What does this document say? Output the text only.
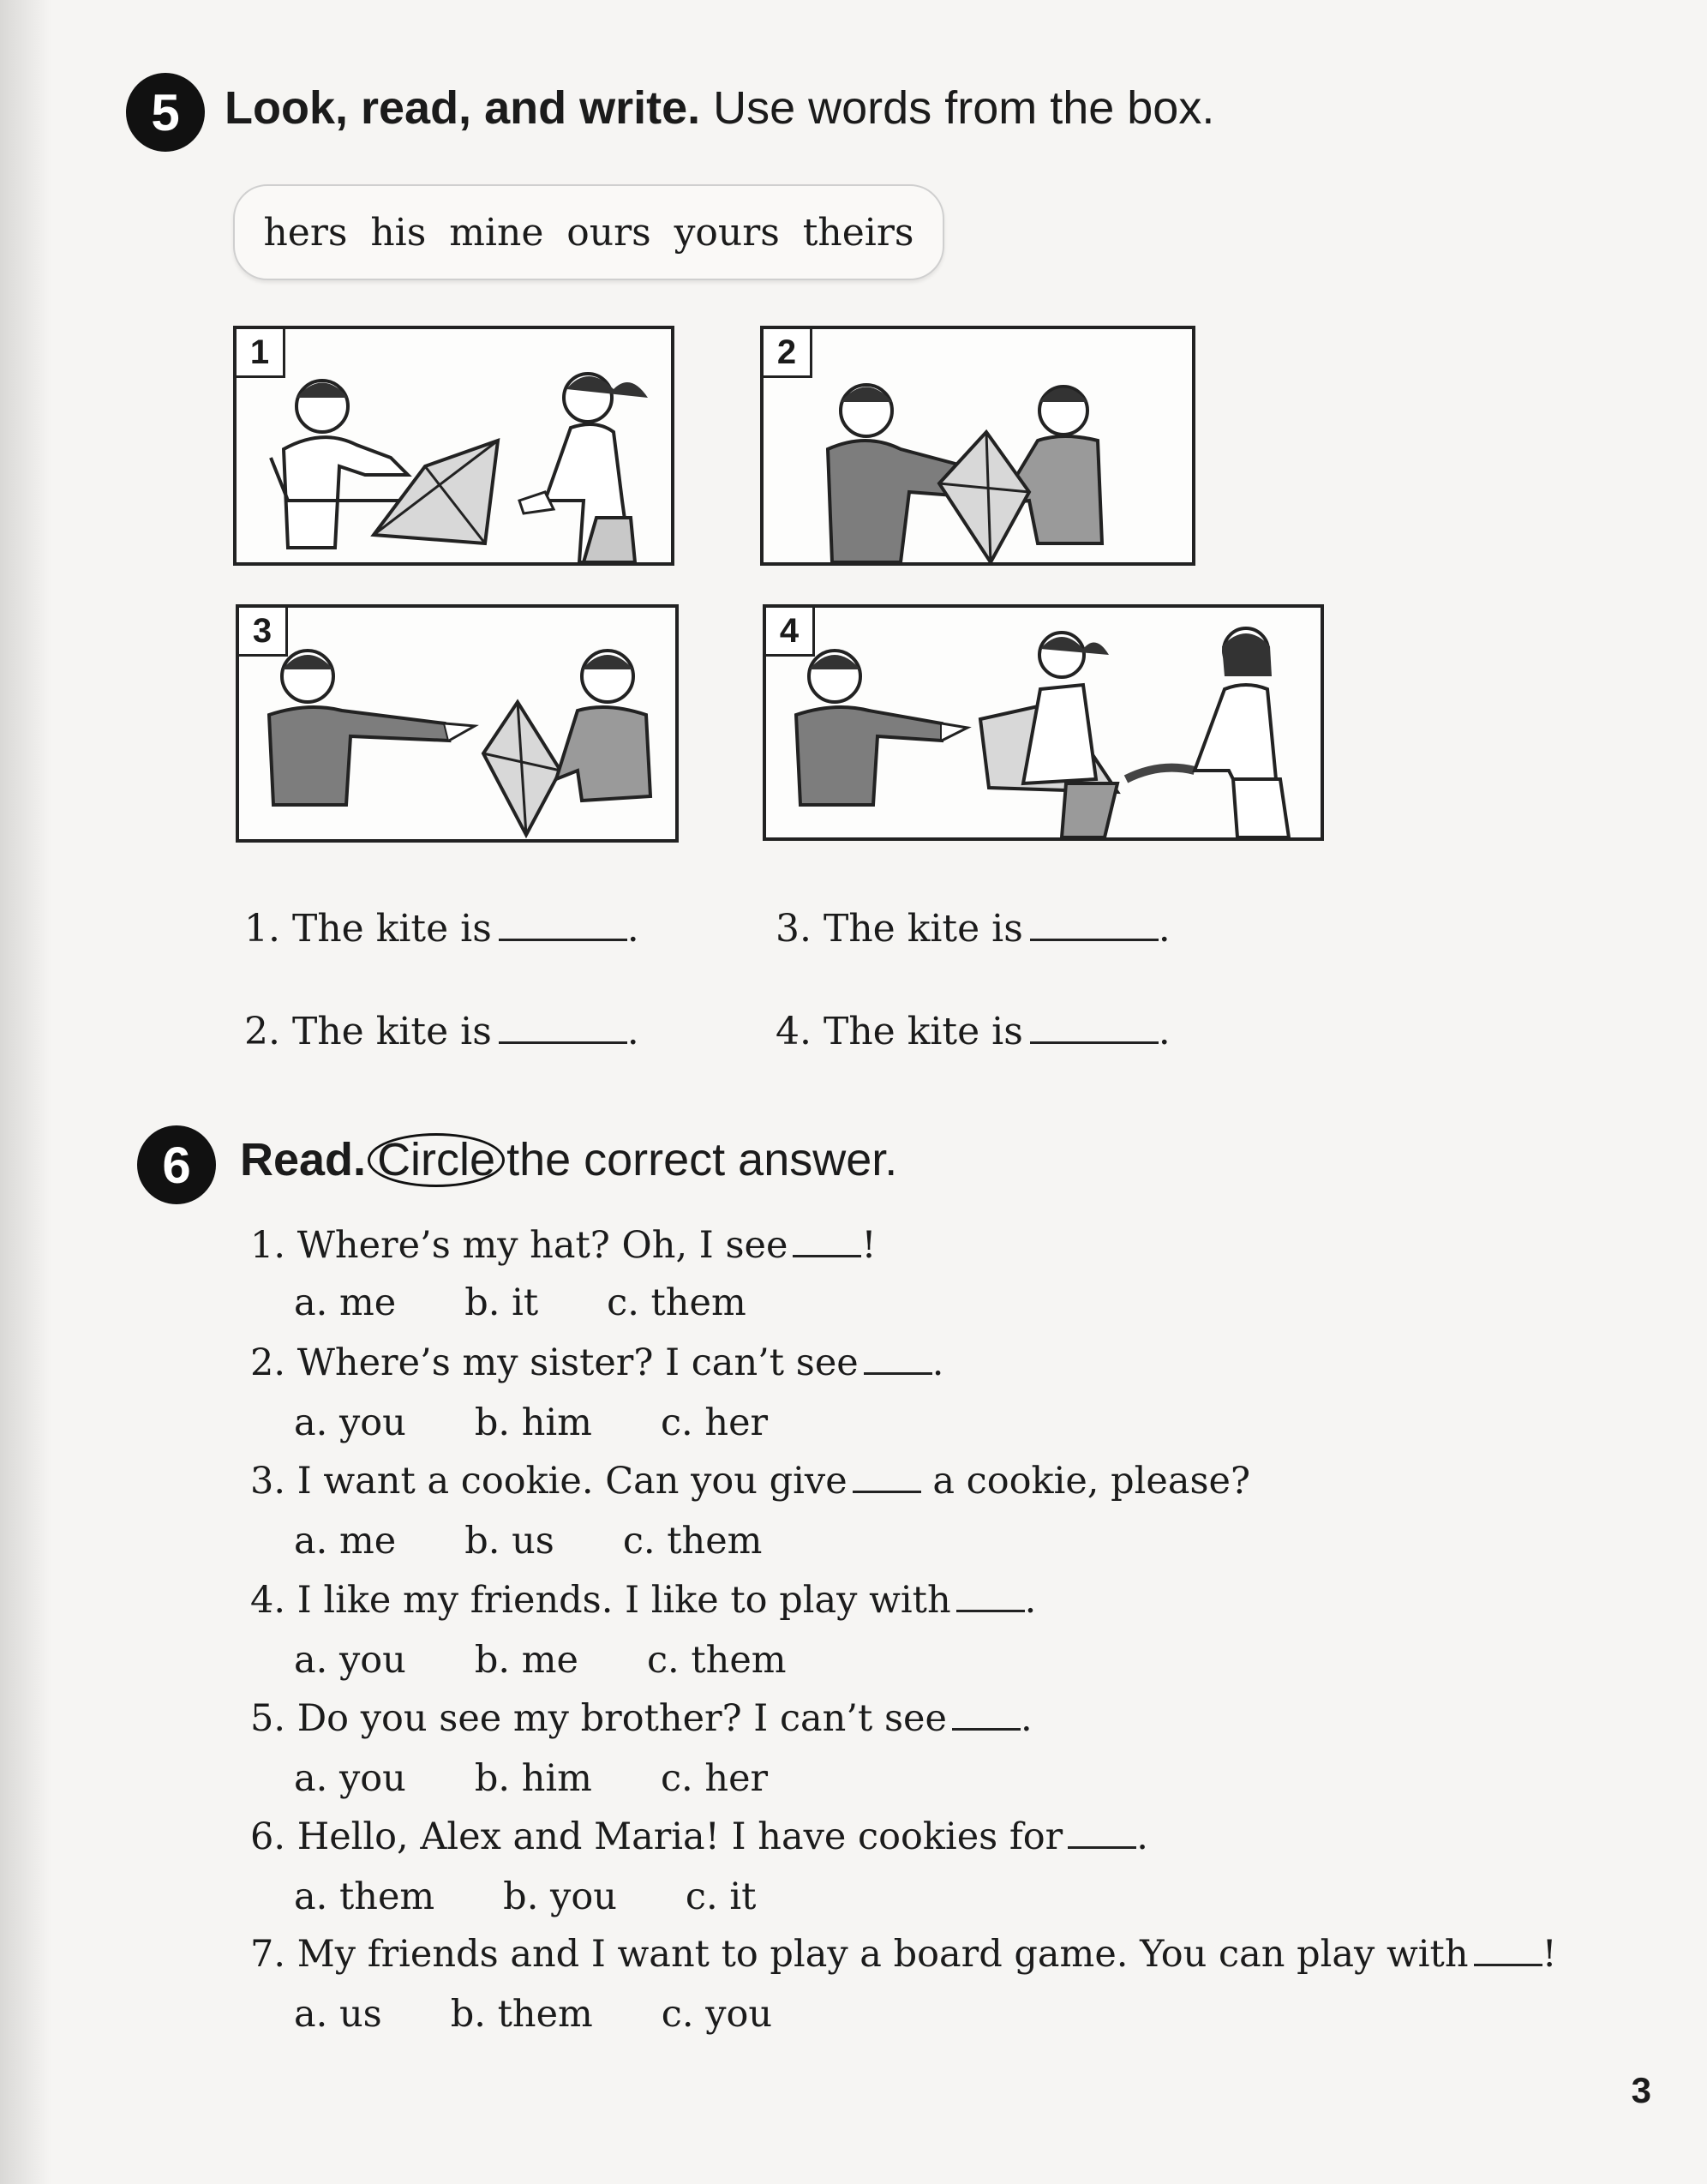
5 Look, read, and write. Use words from the box.
hers his mine ours yours theirs
1	2
3	4
1. The kite is	.
2. The kite is	.
3. The kite is	.
4. The kite is	.
6	Read. Circle the correct answer.
1. Where’s my hat? Oh, I see !
a. me b. it c. them
2. Where’s my sister? I can’t see .
a. you b. him c. her
3. I want a cookie. Can you give a cookie, please?
a. me b. us c. them
4. I like my friends. I like to play with .
a. you b. me c. them
5. Do you see my brother? I can’t see .
a. you b. him c. her
6. Hello, Alex and Maria! I have cookies for .
a. them b. you c. it
7. My friends and I want to play a board game. You can play with !
a. us b. them c. you
3
